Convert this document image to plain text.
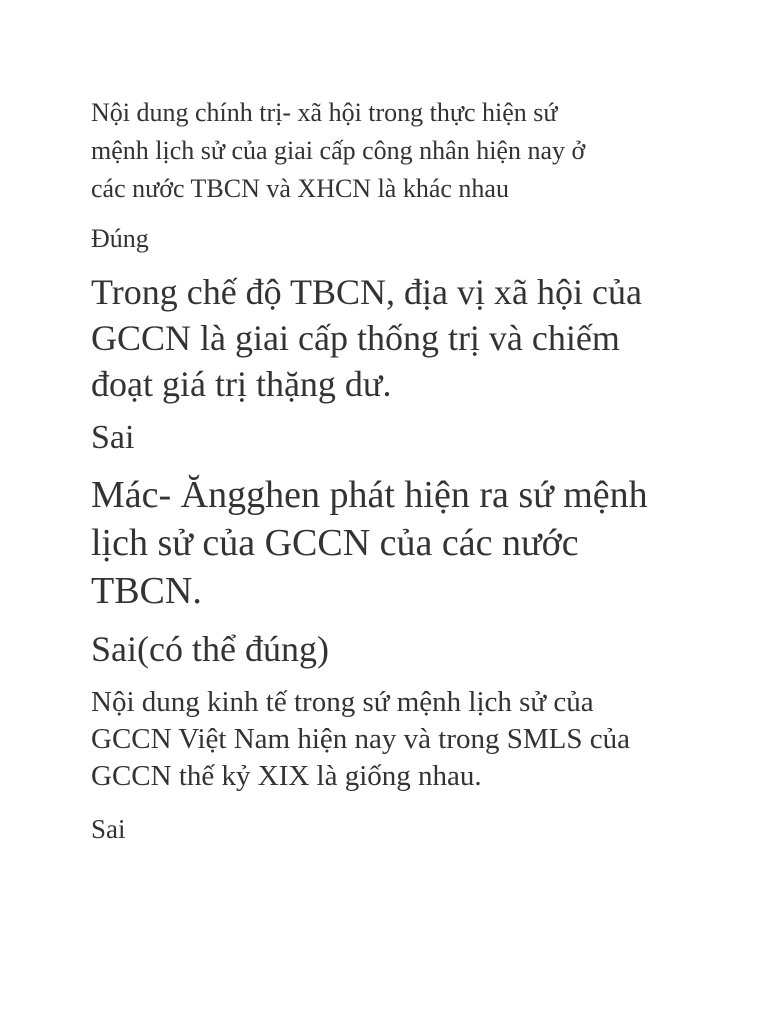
Nội dung chính trị- xã hội trong thực hiện sứ
mệnh lịch sử của giai cấp công nhân hiện nay ở
các nước TBCN và XHCN là khác nhau
Đúng
Trong chế độ TBCN, địa vị xã hội của
GCCN là giai cấp thống trị và chiếm
đoạt giá trị thặng dư.
Sai
Mác- Ăngghen phát hiện ra sứ mệnh
lịch sử của GCCN của các nước
TBCN.
Sai(có thể đúng)
Nội dung kinh tế trong sứ mệnh lịch sử của
GCCN Việt Nam hiện nay và trong SMLS của
GCCN thế kỷ XIX là giống nhau.
Sai
